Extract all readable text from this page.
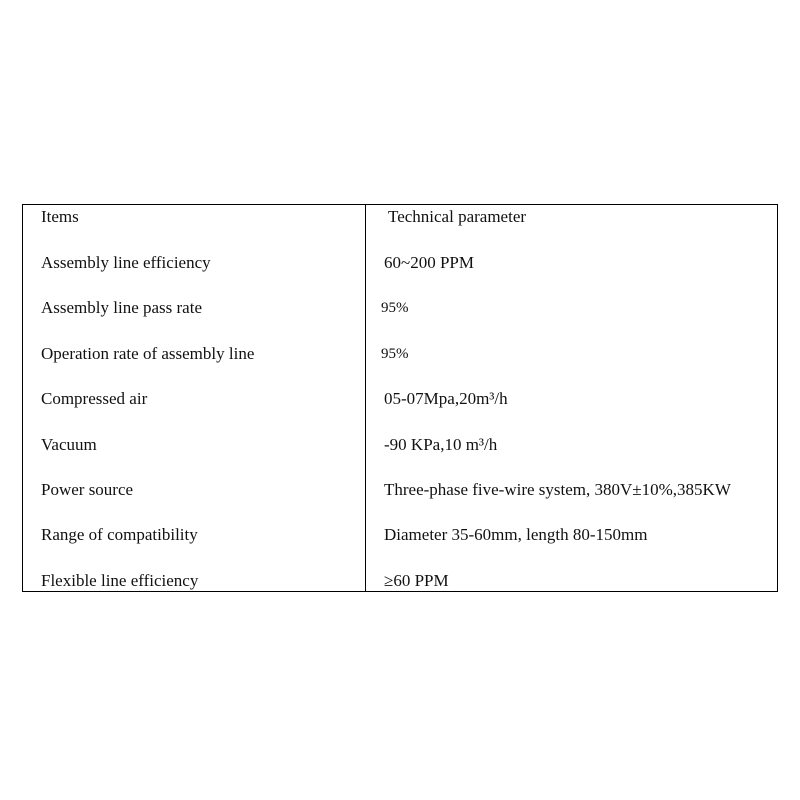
Items	Technical parameter
Assembly line efficiency	60~200 PPM
Assembly line pass rate	95%
Operation rate of assembly line	95%
Compressed air	05-07Mpa,20m³/h
Vacuum	-90 KPa,10 m³/h
Power source	Three-phase five-wire system, 380V±10%,385KW
Range of compatibility	Diameter 35-60mm, length 80-150mm
Flexible line efficiency	≥60 PPM
